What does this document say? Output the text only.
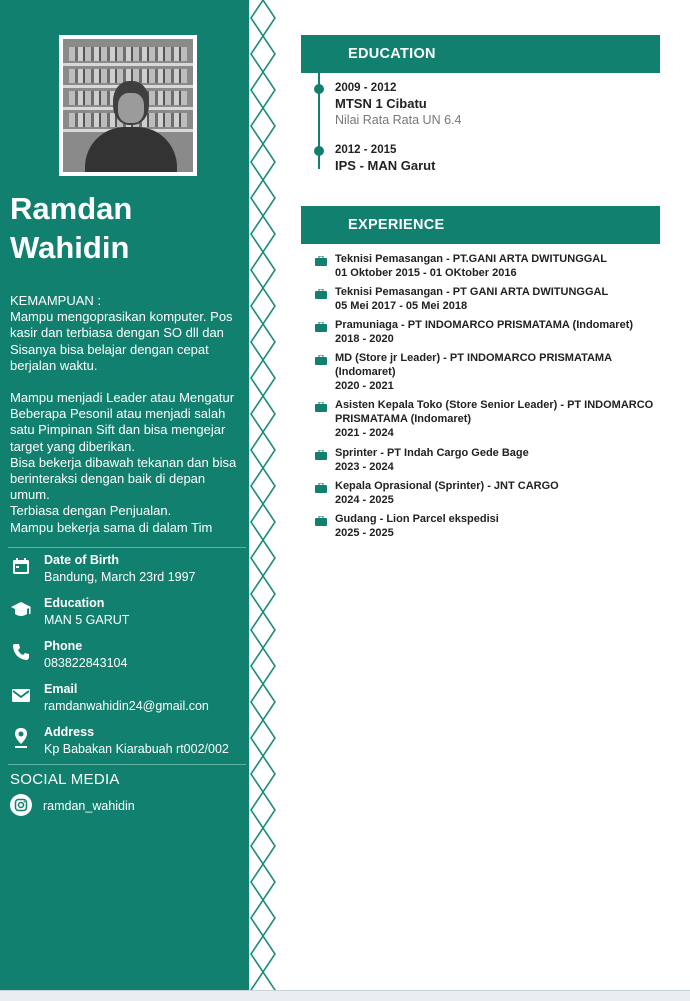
Ramdan
Wahidin
KEMAMPUAN :
Mampu mengoprasikan komputer. Pos kasir dan terbiasa dengan SO dll dan Sisanya bisa belajar dengan cepat berjalan waktu.
Mampu menjadi Leader atau Mengatur Beberapa Pesonil atau menjadi salah satu Pimpinan Sift dan bisa mengejar target yang diberikan.
Bisa bekerja dibawah tekanan dan bisa berinteraksi dengan baik di depan umum.
Terbiasa dengan Penjualan.
Mampu bekerja sama di dalam Tim
Date of Birth
Bandung, March 23rd 1997
Education
MAN 5 GARUT
Phone
083822843104
Email
ramdanwahidin24@gmail.con
Address
Kp Babakan Kiarabuah rt002/002
SOCIAL MEDIA
ramdan_wahidin
EDUCATION
2009 - 2012
MTSN 1 Cibatu
Nilai Rata Rata UN 6.4
2012 - 2015
IPS - MAN Garut
EXPERIENCE
Teknisi Pemasangan - PT.GANI ARTA DWITUNGGAL
01 Oktober 2015 - 01 OKtober 2016
Teknisi Pemasangan - PT GANI ARTA DWITUNGGAL
05 Mei 2017 - 05 Mei 2018
Pramuniaga - PT INDOMARCO PRISMATAMA (Indomaret)
2018 - 2020
MD (Store jr Leader) - PT INDOMARCO PRISMATAMA (Indomaret)
2020 - 2021
Asisten Kepala Toko (Store Senior Leader) - PT INDOMARCO PRISMATAMA (Indomaret)
2021 - 2024
Sprinter - PT Indah Cargo Gede Bage
2023 - 2024
Kepala Oprasional (Sprinter) - JNT CARGO
2024 - 2025
Gudang - Lion Parcel ekspedisi
2025 - 2025
